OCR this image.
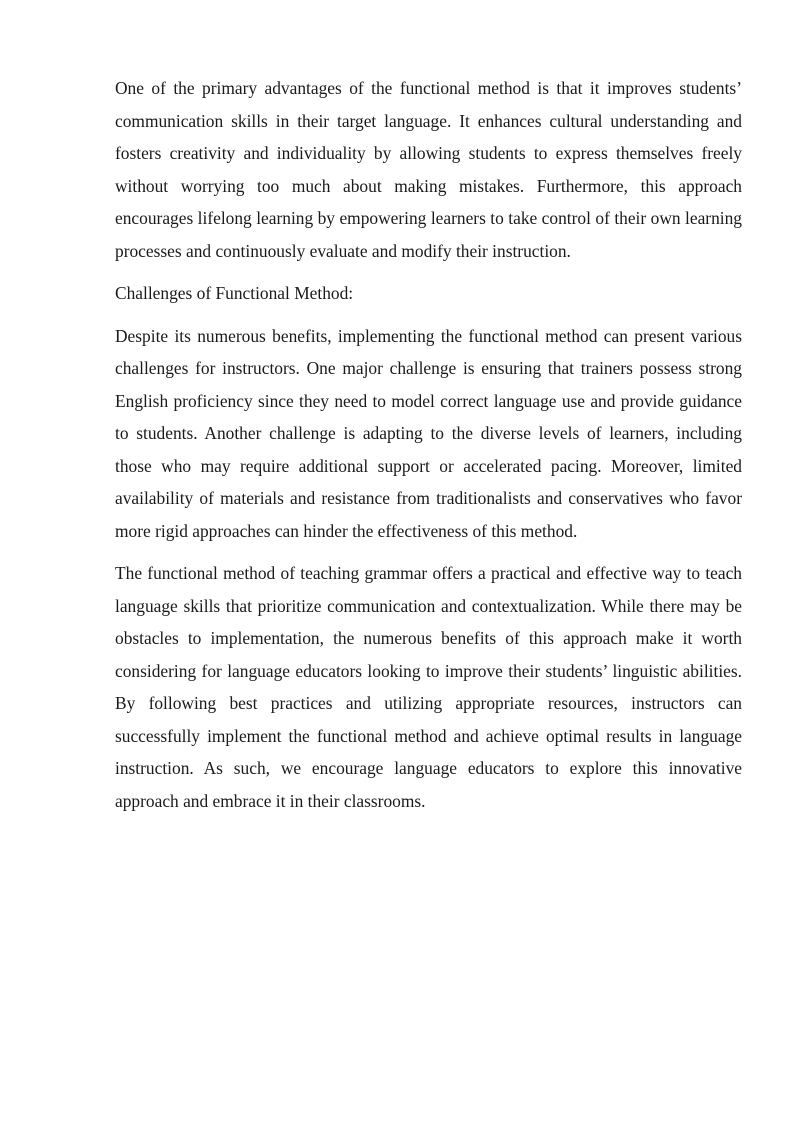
One of the primary advantages of the functional method is that it improves students’ communication skills in their target language. It enhances cultural understanding and fosters creativity and individuality by allowing students to express themselves freely without worrying too much about making mistakes. Furthermore, this approach encourages lifelong learning by empowering learners to take control of their own learning processes and continuously evaluate and modify their instruction.

Challenges of Functional Method:

Despite its numerous benefits, implementing the functional method can present various challenges for instructors. One major challenge is ensuring that trainers possess strong English proficiency since they need to model correct language use and provide guidance to students. Another challenge is adapting to the diverse levels of learners, including those who may require additional support or accelerated pacing. Moreover, limited availability of materials and resistance from traditionalists and conservatives who favor more rigid approaches can hinder the effectiveness of this method.

The functional method of teaching grammar offers a practical and effective way to teach language skills that prioritize communication and contextualization. While there may be obstacles to implementation, the numerous benefits of this approach make it worth considering for language educators looking to improve their students’ linguistic abilities. By following best practices and utilizing appropriate resources, instructors can successfully implement the functional method and achieve optimal results in language instruction. As such, we encourage language educators to explore this innovative approach and embrace it in their classrooms.
